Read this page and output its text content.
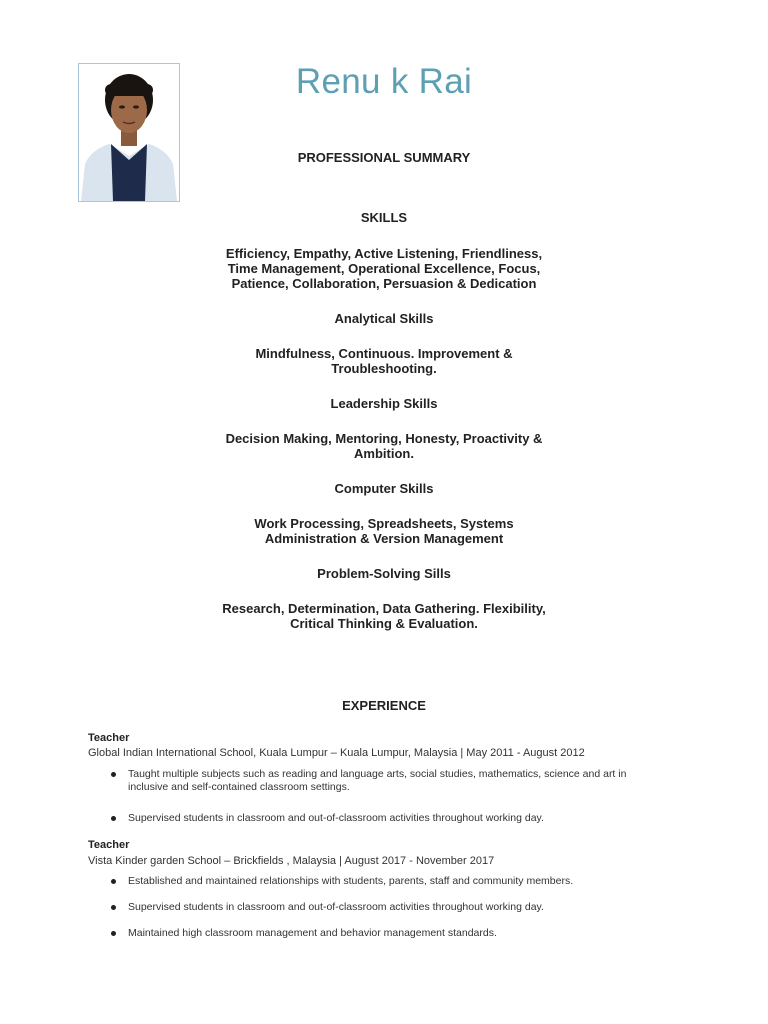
Renu k Rai
PROFESSIONAL SUMMARY
SKILLS
Efficiency, Empathy, Active Listening, Friendliness,
Time Management, Operational Excellence, Focus,
Patience, Collaboration, Persuasion & Dedication
Analytical Skills
Mindfulness, Continuous. Improvement &
Troubleshooting.
Leadership Skills
Decision Making, Mentoring, Honesty, Proactivity &
Ambition.
Computer Skills
Work Processing, Spreadsheets, Systems
Administration & Version Management
Problem-Solving Sills
Research, Determination, Data Gathering. Flexibility,
Critical Thinking & Evaluation.
EXPERIENCE
Teacher
Global Indian International School, Kuala Lumpur – Kuala Lumpur, Malaysia | May 2011 - August 2012
Taught multiple subjects such as reading and language arts, social studies, mathematics, science and art in
inclusive and self-contained classroom settings.
Supervised students in classroom and out-of-classroom activities throughout working day.
Teacher
Vista Kinder garden School – Brickfields , Malaysia | August 2017 - November 2017
Established and maintained relationships with students, parents, staff and community members.
Supervised students in classroom and out-of-classroom activities throughout working day.
Maintained high classroom management and behavior management standards.
